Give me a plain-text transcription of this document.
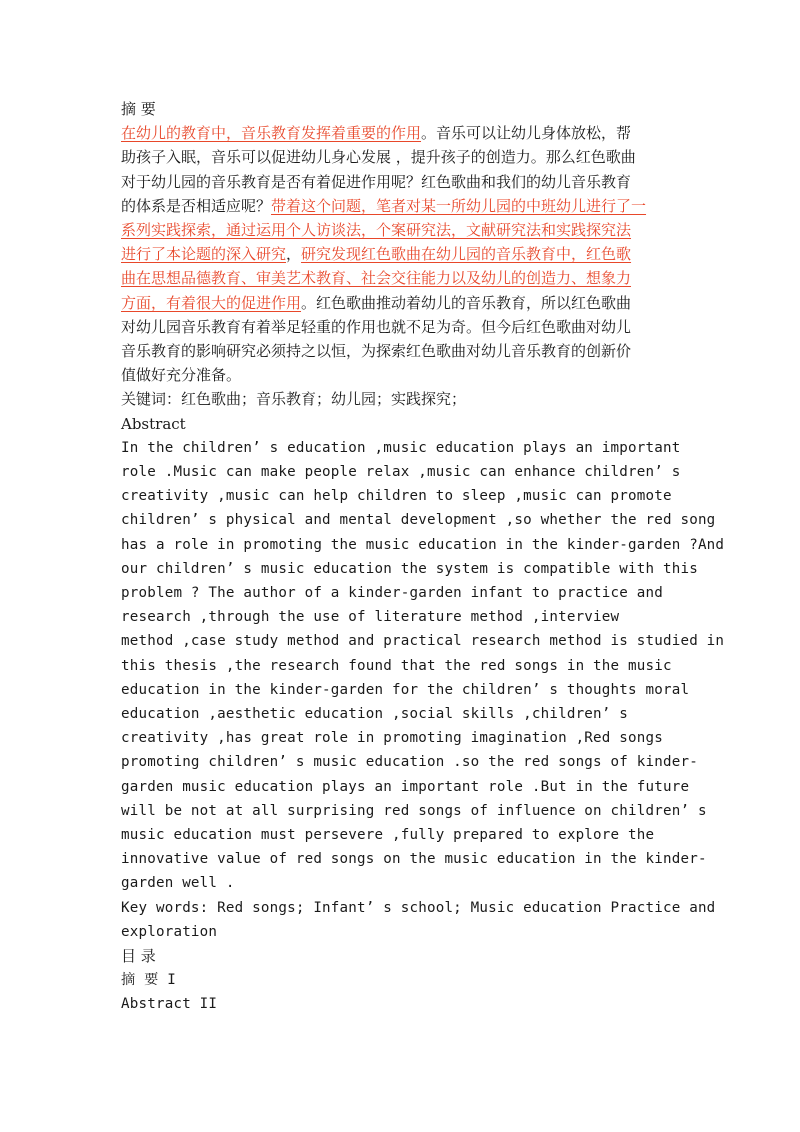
摘 要
在幼儿的教育中，音乐教育发挥着重要的作用。音乐可以让幼儿身体放松，帮
助孩子入眠，音乐可以促进幼儿身心发展 ，提升孩子的创造力。那么红色歌曲
对于幼儿园的音乐教育是否有着促进作用呢？红色歌曲和我们的幼儿音乐教育
的体系是否相适应呢？带着这个问题，笔者对某一所幼儿园的中班幼儿进行了一
系列实践探索，通过运用个人访谈法，个案研究法，文献研究法和实践探究法
进行了本论题的深入研究，研究发现红色歌曲在幼儿园的音乐教育中，红色歌
曲在思想品德教育、审美艺术教育、社会交往能力以及幼儿的创造力、想象力
方面，有着很大的促进作用。红色歌曲推动着幼儿的音乐教育，所以红色歌曲
对幼儿园音乐教育有着举足轻重的作用也就不足为奇。但今后红色歌曲对幼儿
音乐教育的影响研究必须持之以恒，为探索红色歌曲对幼儿音乐教育的创新价
值做好充分准备。
关键词：红色歌曲；音乐教育；幼儿园；实践探究；
Abstract
In the children’ s education ,music education plays an important
role .Music can make people relax ,music can enhance children’ s
creativity ,music can help children to sleep ,music can promote
children’ s physical and mental development ,so whether the red song
has a role in promoting the music education in the kinder-garden ?And
our children’ s music education the system is compatible with this
problem ? The author of a kinder-garden infant to practice and
research ,through the use of literature method ,interview
method ,case study method and practical research method is studied in
this thesis ,the research found that the red songs in the music
education in the kinder-garden for the children’ s thoughts moral
education ,aesthetic education ,social skills ,children’ s
creativity ,has great role in promoting imagination ,Red songs
promoting children’ s music education .so the red songs of kinder-
garden music education plays an important role .But in the future
will be not at all surprising red songs of influence on children’ s
music education must persevere ,fully prepared to explore the
innovative value of red songs on the music education in the kinder-
garden well .
Key words: Red songs; Infant’ s school; Music education Practice and
exploration
目 录
摘 要 I
Abstract II
